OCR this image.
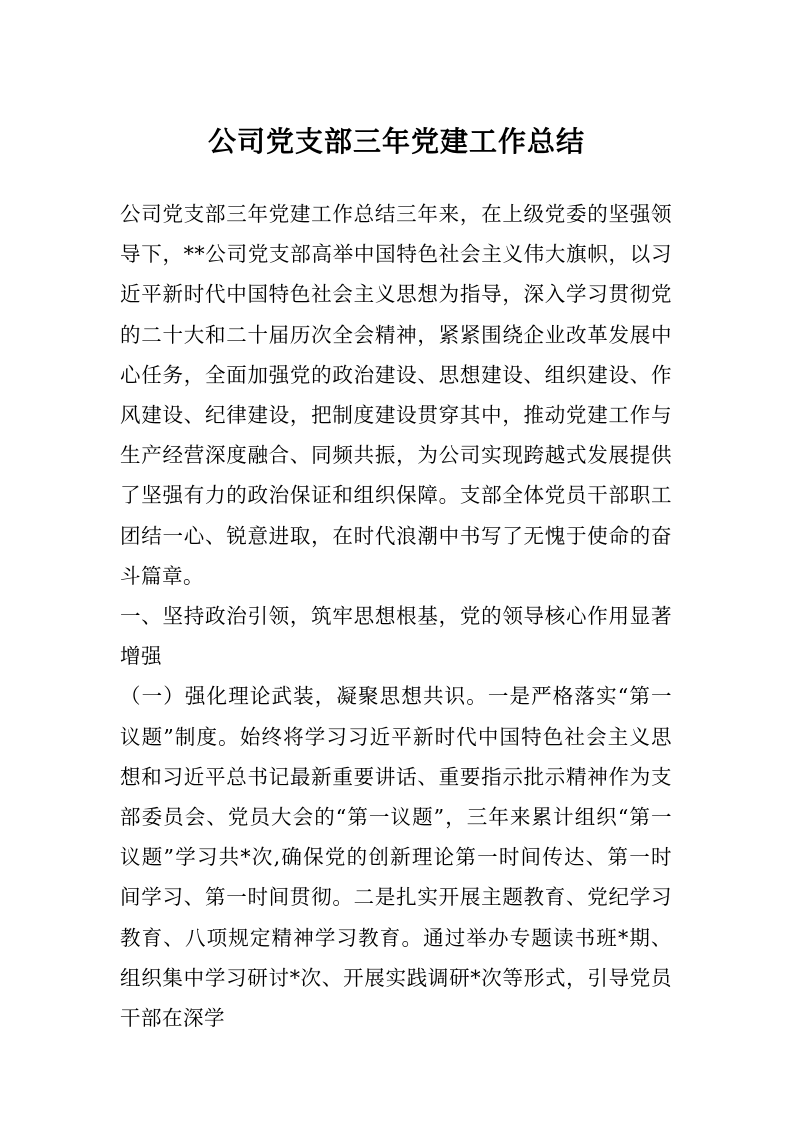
公司党支部三年党建工作总结

公司党支部三年党建工作总结三年来，在上级党委的坚强领导下，**公司党支部高举中国特色社会主义伟大旗帜，以习近平新时代中国特色社会主义思想为指导，深入学习贯彻党的二十大和二十届历次全会精神，紧紧围绕企业改革发展中心任务，全面加强党的政治建设、思想建设、组织建设、作风建设、纪律建设，把制度建设贯穿其中，推动党建工作与生产经营深度融合、同频共振，为公司实现跨越式发展提供了坚强有力的政治保证和组织保障。支部全体党员干部职工团结一心、锐意进取，在时代浪潮中书写了无愧于使命的奋斗篇章。

一、坚持政治引领，筑牢思想根基，党的领导核心作用显著增强

（一）强化理论武装，凝聚思想共识。一是严格落实“第一议题”制度。始终将学习习近平新时代中国特色社会主义思想和习近平总书记最新重要讲话、重要指示批示精神作为支部委员会、党员大会的“第一议题”，三年来累计组织“第一议题”学习共*次,确保党的创新理论第一时间传达、第一时间学习、第一时间贯彻。二是扎实开展主题教育、党纪学习教育、八项规定精神学习教育。通过举办专题读书班*期、组织集中学习研讨*次、开展实践调研*次等形式，引导党员干部在深学
